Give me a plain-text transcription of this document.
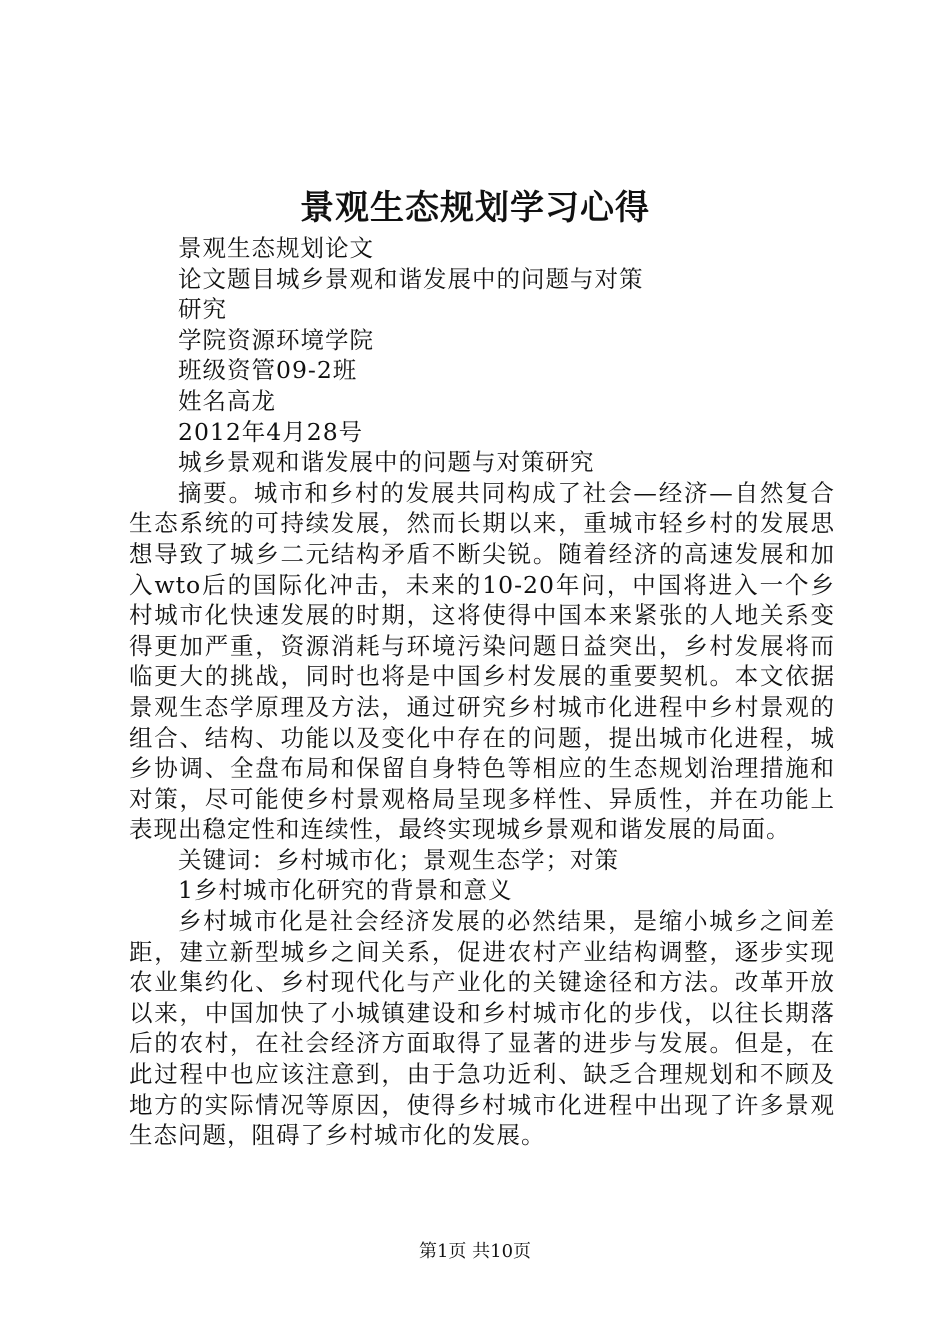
景观生态规划学习心得
景观生态规划论文
论文题目城乡景观和谐发展中的问题与对策
研究
学院资源环境学院
班级资管09-2班
姓名高龙
2012年4月28号
城乡景观和谐发展中的问题与对策研究

摘要。城市和乡村的发展共同构成了社会—经济—自然复合生态系统的可持续发展，然而长期以来，重城市轻乡村的发展思想导致了城乡二元结构矛盾不断尖锐。随着经济的高速发展和加入wto后的国际化冲击，未来的10-20年问，中国将进入一个乡村城市化快速发展的时期，这将使得中国本来紧张的人地关系变得更加严重，资源消耗与环境污染问题日益突出，乡村发展将而临更大的挑战，同时也将是中国乡村发展的重要契机。本文依据景观生态学原理及方法，通过研究乡村城市化进程中乡村景观的组合、结构、功能以及变化中存在的问题，提出城市化进程，城乡协调、全盘布局和保留自身特色等相应的生态规划治理措施和对策，尽可能使乡村景观格局呈现多样性、异质性，并在功能上表现出稳定性和连续性，最终实现城乡景观和谐发展的局面。

关键词：乡村城市化；景观生态学；对策
1乡村城市化研究的背景和意义

乡村城市化是社会经济发展的必然结果，是缩小城乡之间差距，建立新型城乡之间关系，促进农村产业结构调整，逐步实现农业集约化、乡村现代化与产业化的关键途径和方法。改革开放以来，中国加快了小城镇建设和乡村城市化的步伐，以往长期落后的农村，在社会经济方面取得了显著的进步与发展。但是，在此过程中也应该注意到，由于急功近利、缺乏合理规划和不顾及地方的实际情况等原因，使得乡村城市化进程中出现了许多景观生态问题，阻碍了乡村城市化的发展。

第1页 共10页
